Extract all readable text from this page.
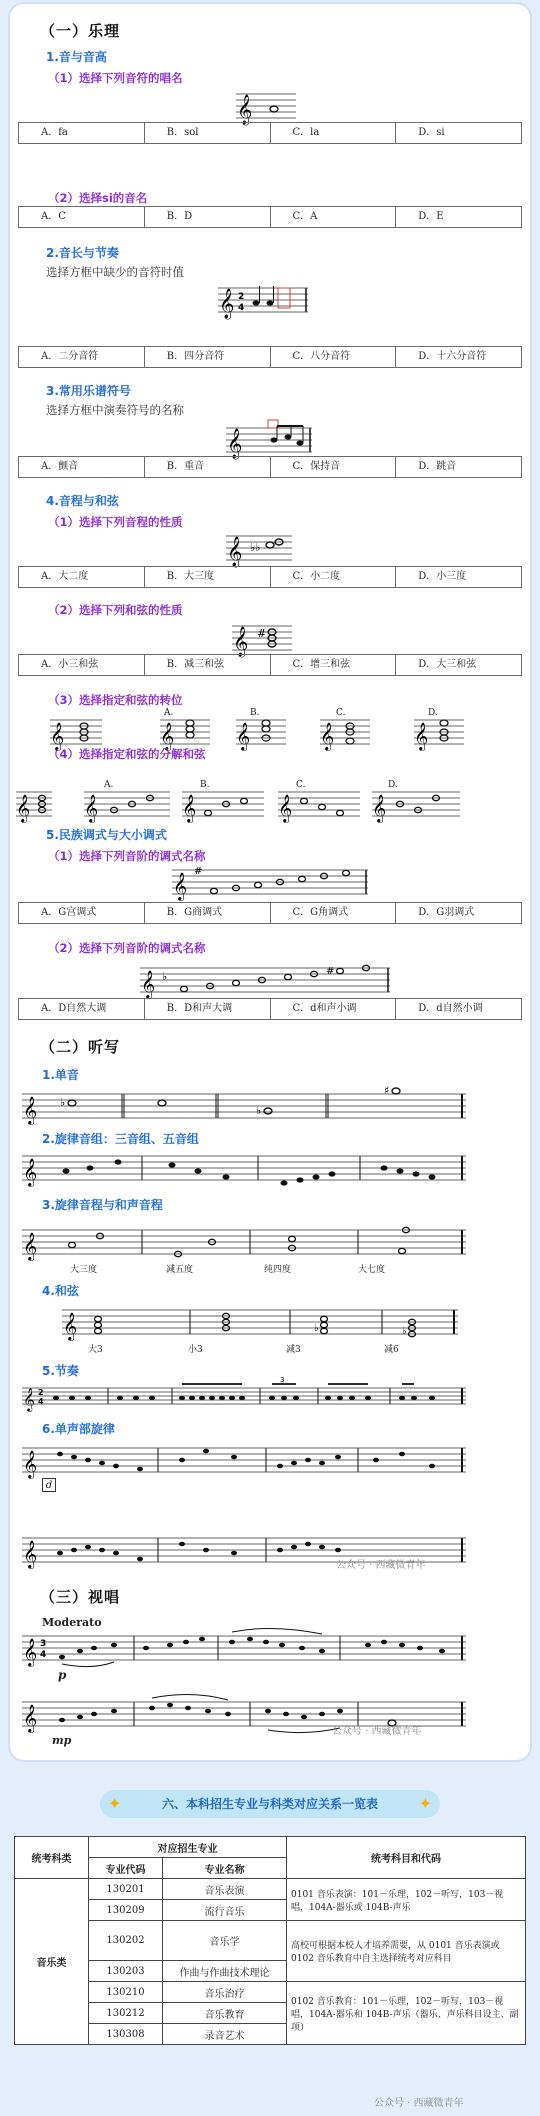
（一）乐理
1.音与音高
（1）选择下列音符的唱名
𝄞
A．fa	B．sol	C．la	D．si
（2）选择si的音名
A．C	B．D	C．A	D．E
2.音长与节奏
选择方框中缺少的音符时值
𝄞 2
4
A．二分音符	B．四分音符	C．八分音符	D．十六分音符
3.常用乐谱符号
选择方框中演奏符号的名称
𝄞
A．颤音	B．重音	C．保持音	D．跳音
4.音程与和弦
（1）选择下列音程的性质
𝄞 ♭♭
A．大二度	B．大三度	C．小二度	D．小三度
（2）选择下列和弦的性质
𝄞 #
A．小三和弦	B．减三和弦	C．增三和弦	D．大三和弦
（3）选择指定和弦的转位
𝄞	𝄞	𝄞	𝄞	𝄞
A.	B.	C.	D.
（4）选择指定和弦的分解和弦
𝄞 𝄞	𝄞	𝄞	𝄞
A.	B.	C.	D.
5.民族调式与大小调式
（1）选择下列音阶的调式名称
𝄞
#
A．G宫调式	B．G商调式	C．G角调式	D．G羽调式
（2）选择下列音阶的调式名称
𝄞 ♭	#
A．D自然大调	B．D和声大调	C．d和声小调	D．d自然小调
（二）听写
1.单音
𝄞 ♭
♭
♯
2.旋律音组：三音组、五音组
𝄞
3.旋律音程与和声音程
𝄞
大三度	减五度	纯四度	大七度
4.和弦
𝄞	♭	♭
大3	小3	减3	减6
5.节奏
𝄞 2
4
3
6.单声部旋律
𝄞
d
𝄞	公众号 · 西藏微青年
（三）视唱
Moderato
𝄞 3
4
p
𝄞
mp
公众号 · 西藏微青年
✦	六、本科招生专业与科类对应关系一览表	✦
统考科类	对应招生专业		统考科目和代码
	专业代码	专业名称	
音乐类	130201	音乐表演	0101 音乐表演：101－乐理，102－听写，103－视唱，104A-器乐或 104B-声乐
	130209	流行音乐	
	130202	音乐学	高校可根据本校人才培养需要，从 0101 音乐表演或 0102 音乐教育中自主选择统考对应科目
	130203	作曲与作曲技术理论	
	130210	音乐治疗	0102 音乐教育：101－乐理，102－听写，103－视唱，104A-器乐和 104B-声乐（器乐、声乐科目设主、副项）
	130212	音乐教育	
	130308	录音艺术	
公众号 · 西藏微青年
